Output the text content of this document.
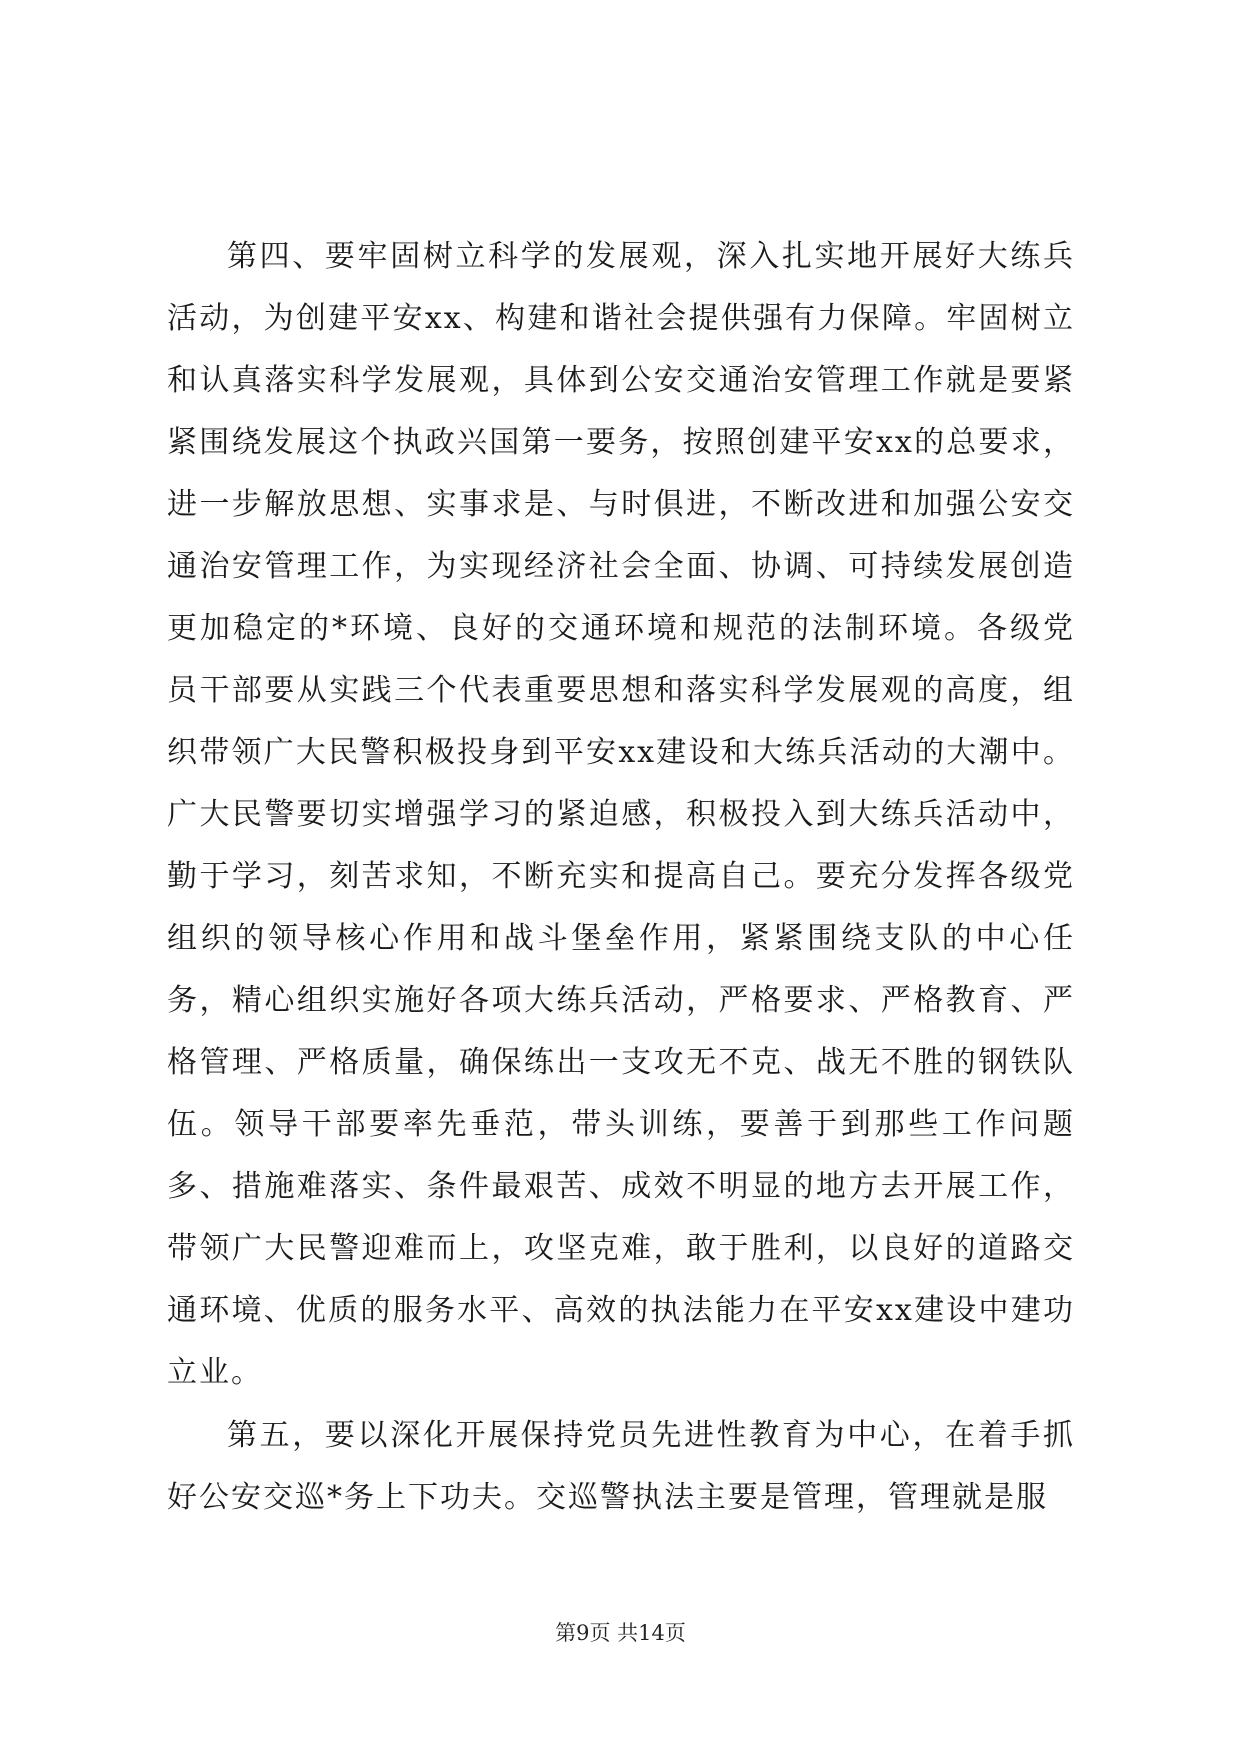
第四、要牢固树立科学的发展观，深入扎实地开展好大练兵活动，为创建平安xx、构建和谐社会提供强有力保障。牢固树立和认真落实科学发展观，具体到公安交通治安管理工作就是要紧紧围绕发展这个执政兴国第一要务，按照创建平安xx的总要求，进一步解放思想、实事求是、与时俱进，不断改进和加强公安交通治安管理工作，为实现经济社会全面、协调、可持续发展创造更加稳定的*环境、良好的交通环境和规范的法制环境。各级党员干部要从实践三个代表重要思想和落实科学发展观的高度，组织带领广大民警积极投身到平安xx建设和大练兵活动的大潮中。广大民警要切实增强学习的紧迫感，积极投入到大练兵活动中，勤于学习，刻苦求知，不断充实和提高自己。要充分发挥各级党组织的领导核心作用和战斗堡垒作用，紧紧围绕支队的中心任务，精心组织实施好各项大练兵活动，严格要求、严格教育、严格管理、严格质量，确保练出一支攻无不克、战无不胜的钢铁队伍。领导干部要率先垂范，带头训练，要善于到那些工作问题多、措施难落实、条件最艰苦、成效不明显的地方去开展工作，带领广大民警迎难而上，攻坚克难，敢于胜利，以良好的道路交通环境、优质的服务水平、高效的执法能力在平安xx建设中建功立业。

第五，要以深化开展保持党员先进性教育为中心，在着手抓好公安交巡*务上下功夫。交巡警执法主要是管理，管理就是服

第9页 共14页
